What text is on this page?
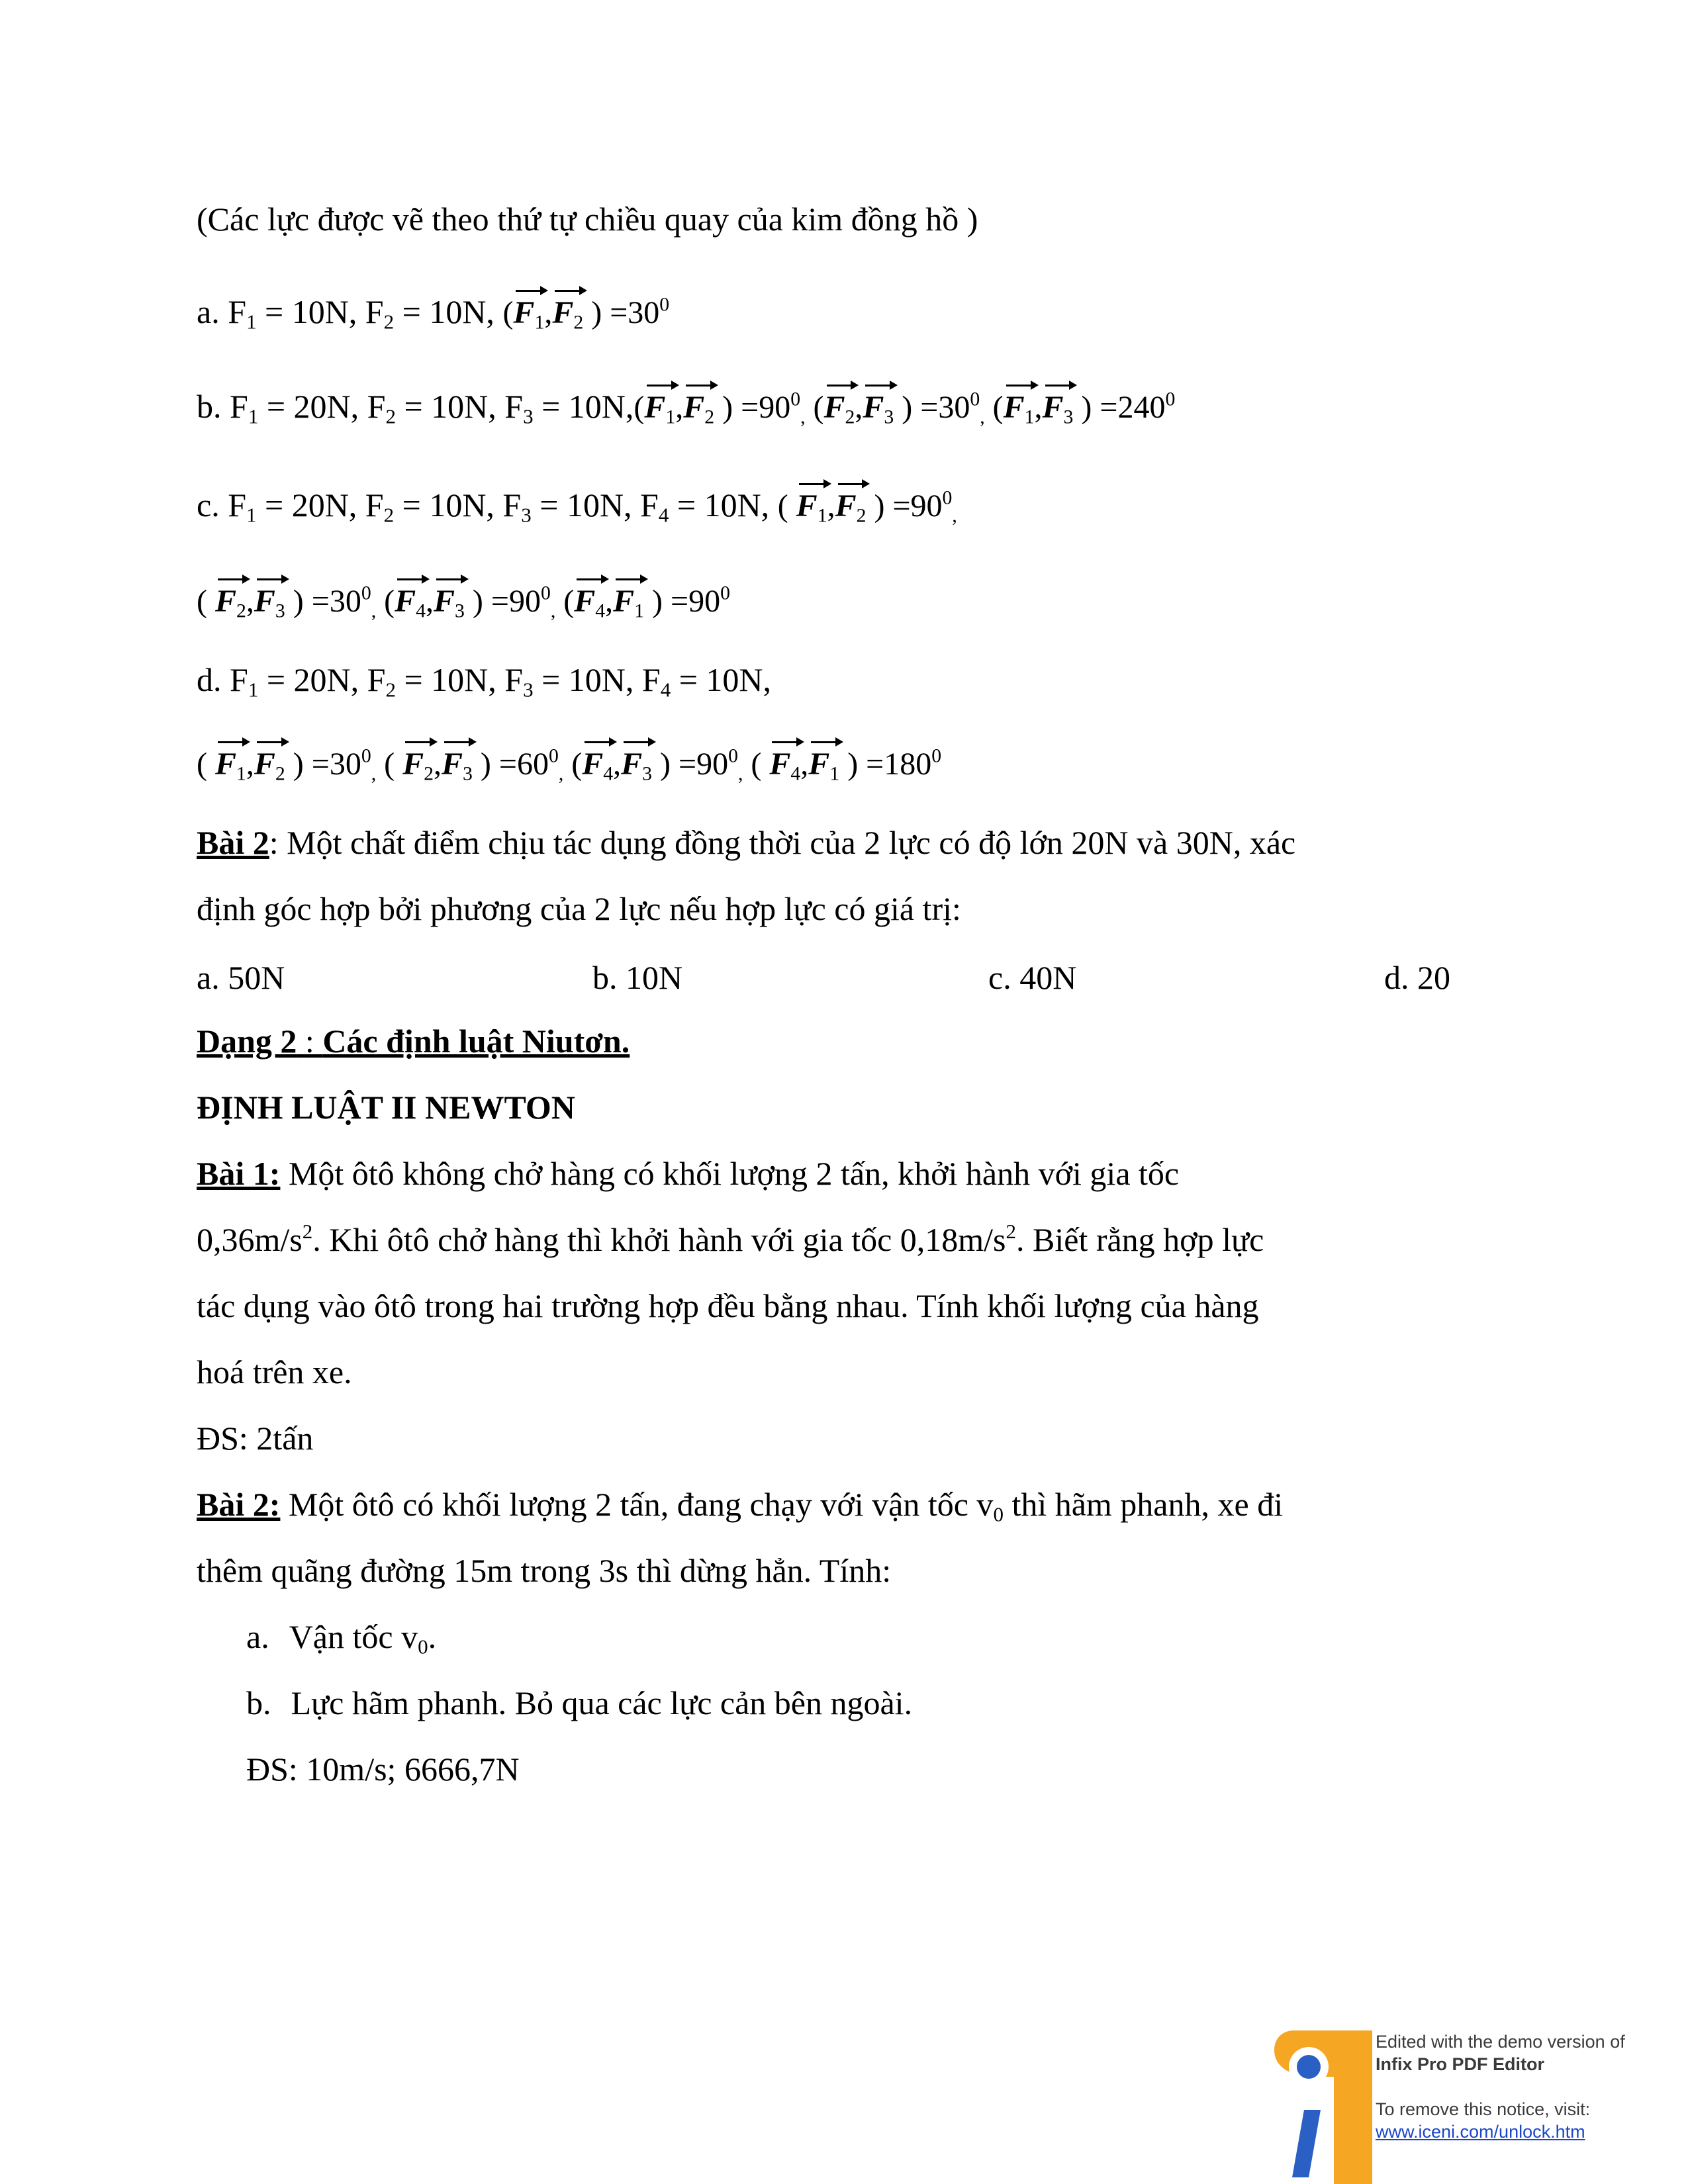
(Các lực được vẽ theo thứ tự chiều quay của kim đồng hồ )
a. $F_1 = 10N$, $F_2 = 10N$, ($F_1,F_2$ ) $=30^0$
b. $F_1 = 20N$, $F_2 = 10N$, $F_3 = 10N,(F_1,F_2$ ) $=90^0_,$ ($F_2,F_3$ ) $=30^0_,$ ($F_1,F_3$ ) $=240^0$
c. $F_1 = 20N$, $F_2 = 10N$, $F_3 = 10N$, $F_4 = 10N$, ( $F_1,F_2$ ) $=90^0_,$
( $F_2,F_3$ ) $=30^0_,$ ($F_4,F_3$ ) $=90^0_,$ ($F_4,F_1$ ) $=90^0$
d. $F_1 = 20N$, $F_2 = 10N$, $F_3 = 10N$, $F_4 = 10N$,
( $F_1,F_2$ ) $=30^0_,$ ( $F_2,F_3$ ) $=60^0_,$ ($F_4,F_3$ ) $=90^0_,$ ( $F_4,F_1$ ) $=180^0$
Bài 2: Một chất điểm chịu tác dụng đồng thời của 2 lực có độ lớn 20N và 30N, xác
định góc hợp bởi phương của 2 lực nếu hợp lực có giá trị:
a. 50N	b. 10N	c. 40N	d. 20
Dạng 2 : Các định luật Niutơn.
ĐỊNH LUẬT II NEWTON
Bài 1: Một ôtô không chở hàng có khối lượng 2 tấn, khởi hành với gia tốc
$0,36m/s^2$. Khi ôtô chở hàng thì khởi hành với gia tốc $0,18m/s^2$. Biết rằng hợp lực
tác dụng vào ôtô trong hai trường hợp đều bằng nhau. Tính khối lượng của hàng
hoá trên xe.
ĐS: 2tấn
Bài 2: Một ôtô có khối lượng 2 tấn, đang chạy với vận tốc $v_0$ thì hãm phanh, xe đi
thêm quãng đường 15m trong 3s thì dừng hẳn. Tính:
a. Vận tốc $v_0$.
b. Lực hãm phanh. Bỏ qua các lực cản bên ngoài.
ĐS: 10m/s; 6666,7N
Edited with the demo version of
Infix Pro PDF Editor
To remove this notice, visit:
www.iceni.com/unlock.htm
